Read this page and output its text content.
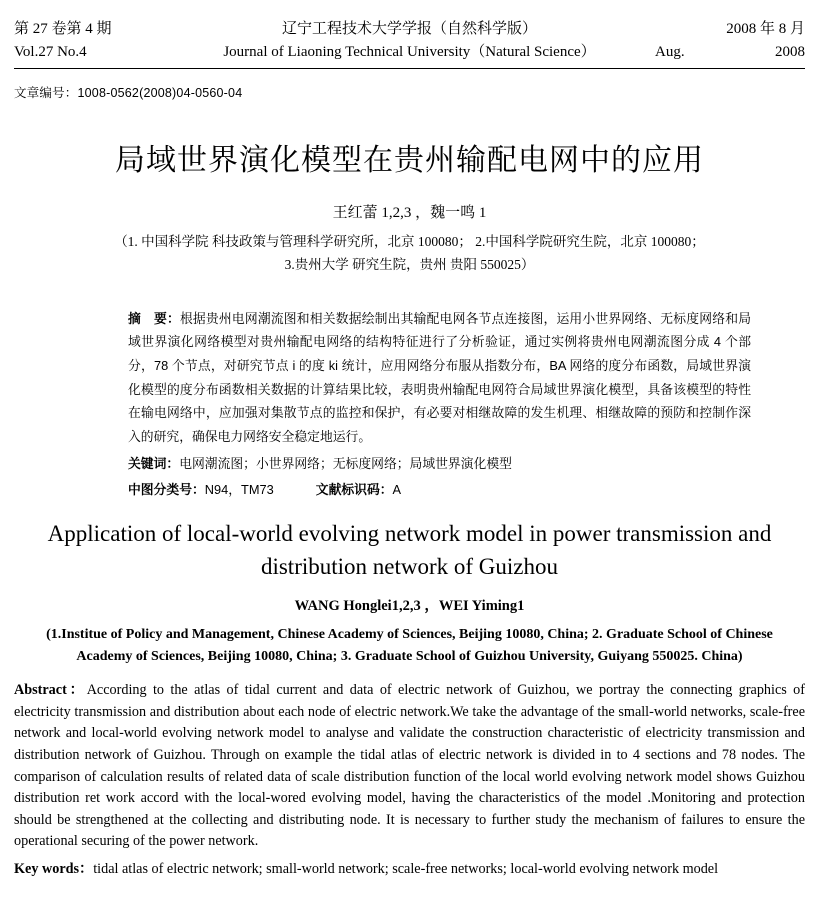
第 27 卷第 4 期	辽宁工程技术大学学报（自然科学版）	2008 年 8 月
Vol.27 No.4	Journal of Liaoning Technical University（Natural Science）	Aug.	2008
文章编号：1008-0562(2008)04-0560-04
局域世界演化模型在贵州输配电网中的应用
王红蕾 1,2,3 ，魏一鸣 1
（1. 中国科学院 科技政策与管理科学研究所，北京 100080； 2.中国科学院研究生院，北京 100080；
3.贵州大学 研究生院，贵州 贵阳 550025）
摘　要：根据贵州电网潮流图和相关数据绘制出其输配电网各节点连接图，运用小世界网络、无标度网络和局域世界演化网络模型对贵州输配电网络的结构特征进行了分析验证，通过实例将贵州电网潮流图分成 4 个部分，78 个节点，对研究节点 i 的度 ki 统计，应用网络分布服从指数分布，BA 网络的度分布函数，局域世界演化模型的度分布函数相关数据的计算结果比较，表明贵州输配电网符合局域世界演化模型，具备该模型的特性在输电网络中，应加强对集散节点的监控和保护，有必要对相继故障的发生机理、相继故障的预防和控制作深入的研究，确保电力网络安全稳定地运行。
关键词：电网潮流图；小世界网络；无标度网络；局域世界演化模型
中图分类号：N94，TM73	文献标识码：A
Application of local-world evolving network model in power transmission and distribution network of Guizhou
WANG Honglei1,2,3 ，WEI Yiming1
(1.Institue of Policy and Management, Chinese Academy of Sciences, Beijing 10080, China; 2. Graduate School of Chinese Academy of Sciences, Beijing 10080, China; 3. Graduate School of Guizhou University, Guiyang 550025. China)
Abstract：According to the atlas of tidal current and data of electric network of Guizhou, we portray the connecting graphics of electricity transmission and distribution about each node of electric network.We take the advantage of the small-world networks, scale-free network and local-world evolving network model to analyse and validate the construction characteristic of electricity transmission and distribution network of Guizhou. Through on example the tidal atlas of electric network is divided in to 4 sections and 78 nodes. The comparison of calculation results of related data of scale distribution function of the local world evolving network model shows Guizhou distribution ret work accord with the local-wored evolving model, having the characteristics of the model .Monitoring and protection should be strengthened at the collecting and distributing node. It is necessary to further study the mechanism of failures to ensure the operational securing of the power network.
Key words：tidal atlas of electric network; small-world network; scale-free networks; local-world evolving network model
